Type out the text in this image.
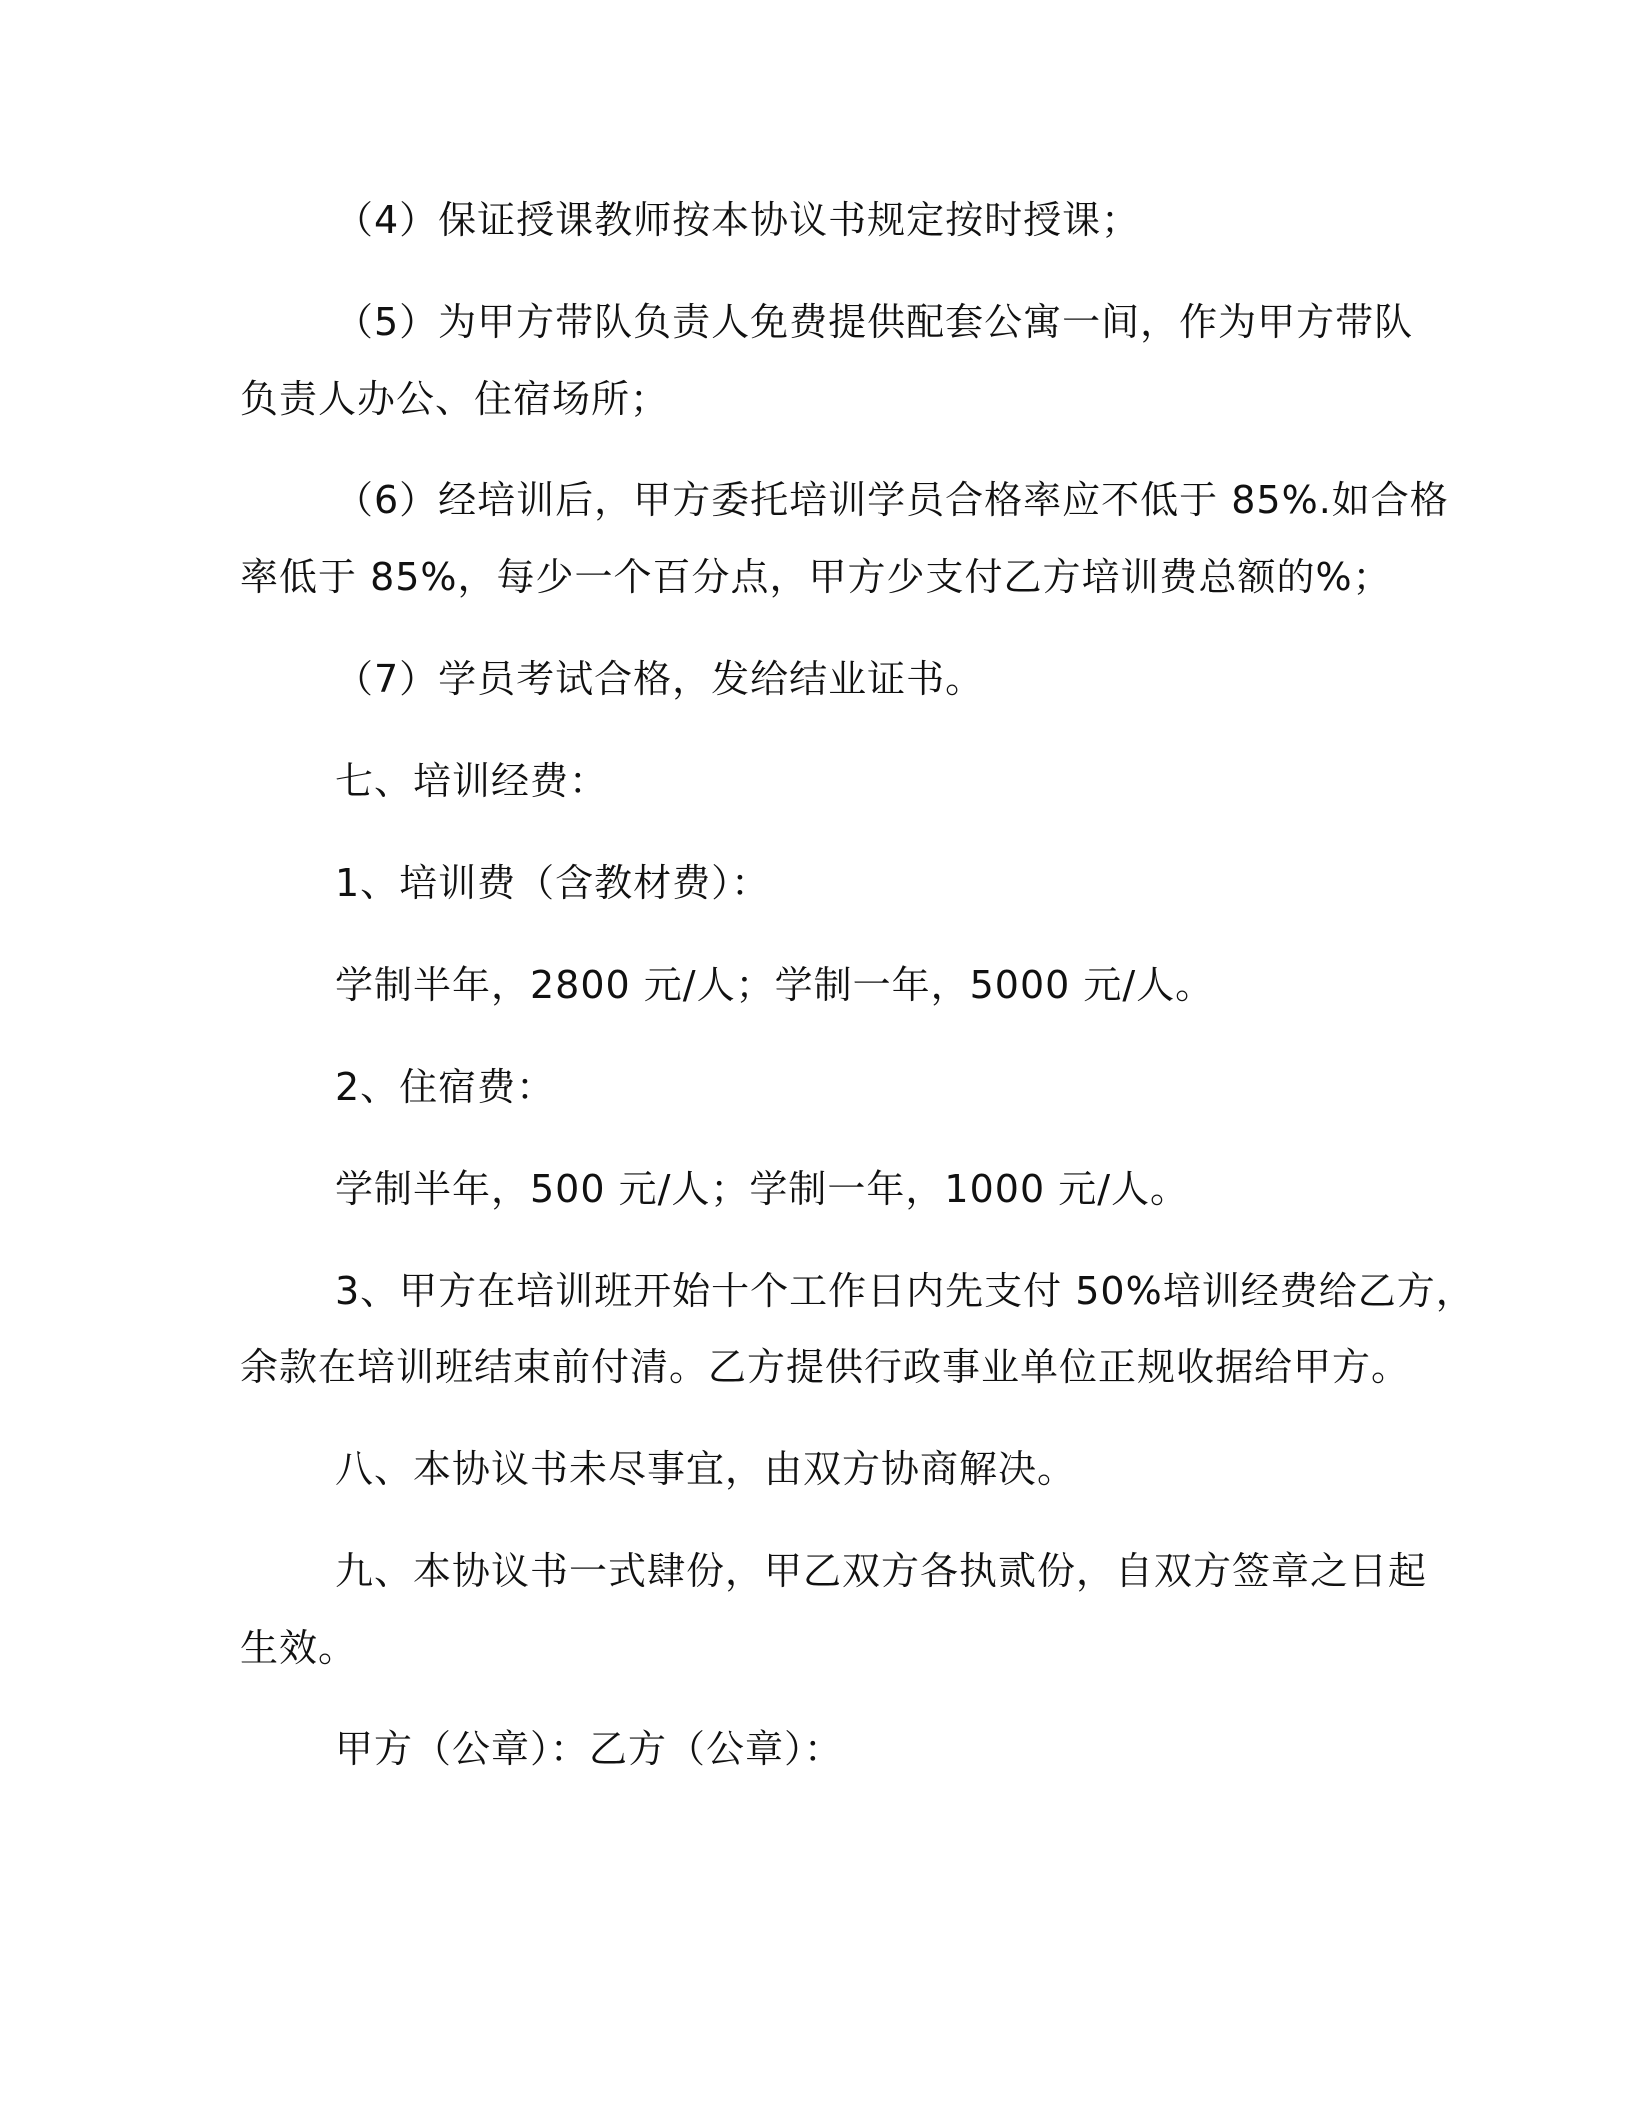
（4）保证授课教师按本协议书规定按时授课；
（5）为甲方带队负责人免费提供配套公寓一间，作为甲方带队
负责人办公、住宿场所；
（6）经培训后，甲方委托培训学员合格率应不低于 85%.如合格
率低于 85%，每少一个百分点，甲方少支付乙方培训费总额的%；
（7）学员考试合格，发给结业证书。
七、培训经费：
1、培训费（含教材费）：
学制半年，2800 元/人；学制一年，5000 元/人。
2、住宿费：
学制半年，500 元/人；学制一年，1000 元/人。
3、甲方在培训班开始十个工作日内先支付 50%培训经费给乙方，
余款在培训班结束前付清。乙方提供行政事业单位正规收据给甲方。
八、本协议书未尽事宜，由双方协商解决。
九、本协议书一式肆份，甲乙双方各执贰份，自双方签章之日起
生效。
甲方（公章）：乙方（公章）：
